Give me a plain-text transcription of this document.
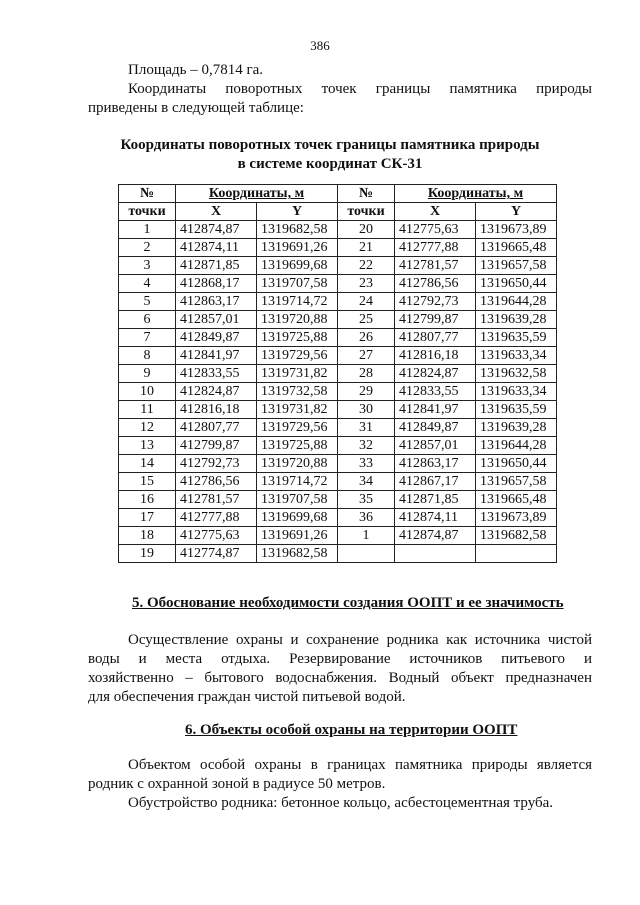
386
Площадь – 0,7814 га.
Координаты поворотных точек границы памятника природы
приведены в следующей таблице:
Координаты поворотных точек границы памятника природы
в системе координат СК-31
№	Координаты, м		№	Координаты, м	
точки	X	Y	точки	X	Y
1	412874,87	1319682,58	20	412775,63	1319673,89
2	412874,11	1319691,26	21	412777,88	1319665,48
3	412871,85	1319699,68	22	412781,57	1319657,58
4	412868,17	1319707,58	23	412786,56	1319650,44
5	412863,17	1319714,72	24	412792,73	1319644,28
6	412857,01	1319720,88	25	412799,87	1319639,28
7	412849,87	1319725,88	26	412807,77	1319635,59
8	412841,97	1319729,56	27	412816,18	1319633,34
9	412833,55	1319731,82	28	412824,87	1319632,58
10	412824,87	1319732,58	29	412833,55	1319633,34
11	412816,18	1319731,82	30	412841,97	1319635,59
12	412807,77	1319729,56	31	412849,87	1319639,28
13	412799,87	1319725,88	32	412857,01	1319644,28
14	412792,73	1319720,88	33	412863,17	1319650,44
15	412786,56	1319714,72	34	412867,17	1319657,58
16	412781,57	1319707,58	35	412871,85	1319665,48
17	412777,88	1319699,68	36	412874,11	1319673,89
18	412775,63	1319691,26	1	412874,87	1319682,58
19	412774,87	1319682,58			
5. Обоснование необходимости создания ООПТ и ее значимость
Осуществление охраны и сохранение родника как источника чистой
воды и места отдыха. Резервирование источников питьевого и
хозяйственно – бытового водоснабжения. Водный объект предназначен
для обеспечения граждан чистой питьевой водой.
6. Объекты особой охраны на территории ООПТ
Объектом особой охраны в границах памятника природы является
родник с охранной зоной в радиусе 50 метров.
Обустройство родника: бетонное кольцо, асбестоцементная труба.
